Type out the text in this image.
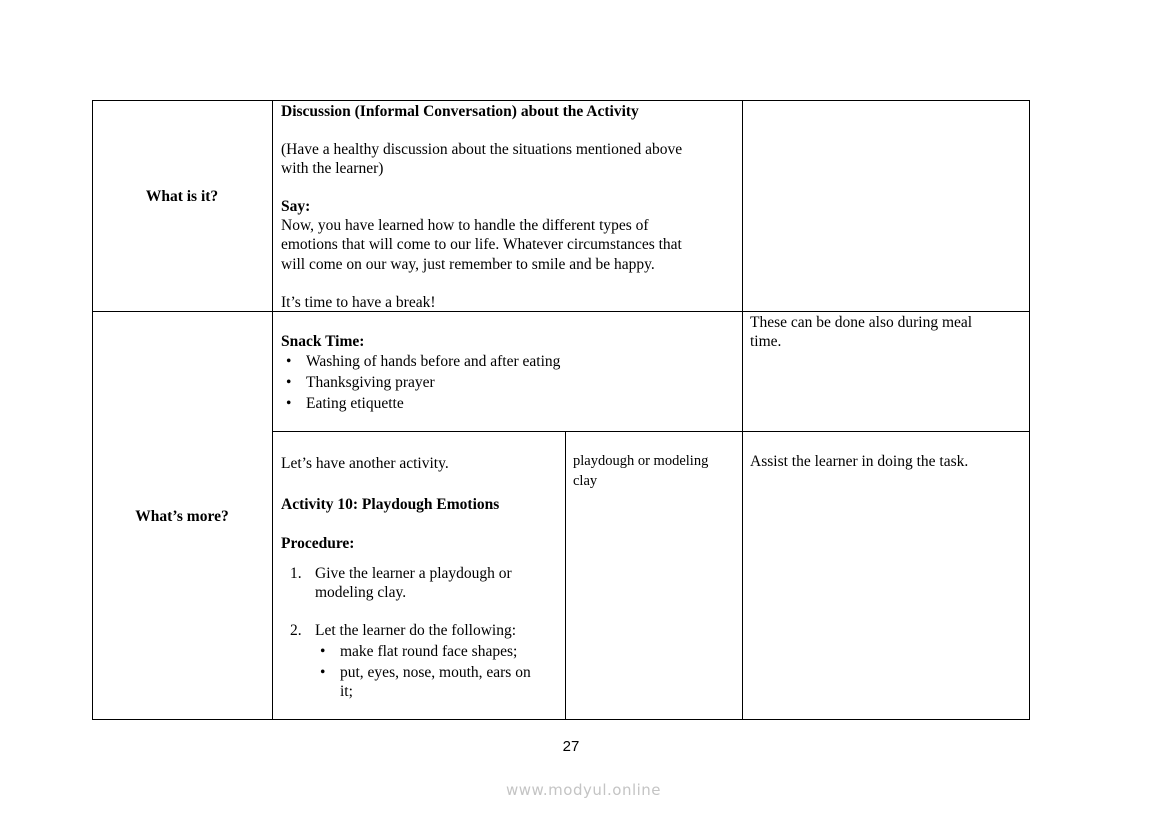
What is it?
Discussion (Informal Conversation) about the Activity
(Have a healthy discussion about the situations mentioned above
with the learner)
Say:
Now, you have learned how to handle the different types of
emotions that will come to our life. Whatever circumstances that
will come on our way, just remember to smile and be happy.
It’s time to have a break!
What’s more?
Snack Time:
• Washing of hands before and after eating
• Thanksgiving prayer
• Eating etiquette
These can be done also during meal
time.
Let’s have another activity.
Activity 10: Playdough Emotions
Procedure:
1. Give the learner a playdough or
modeling clay.
2. Let the learner do the following:
• make flat round face shapes;
• put, eyes, nose, mouth, ears on
it;
playdough or modeling
clay
Assist the learner in doing the task.
27
www.modyul.online
